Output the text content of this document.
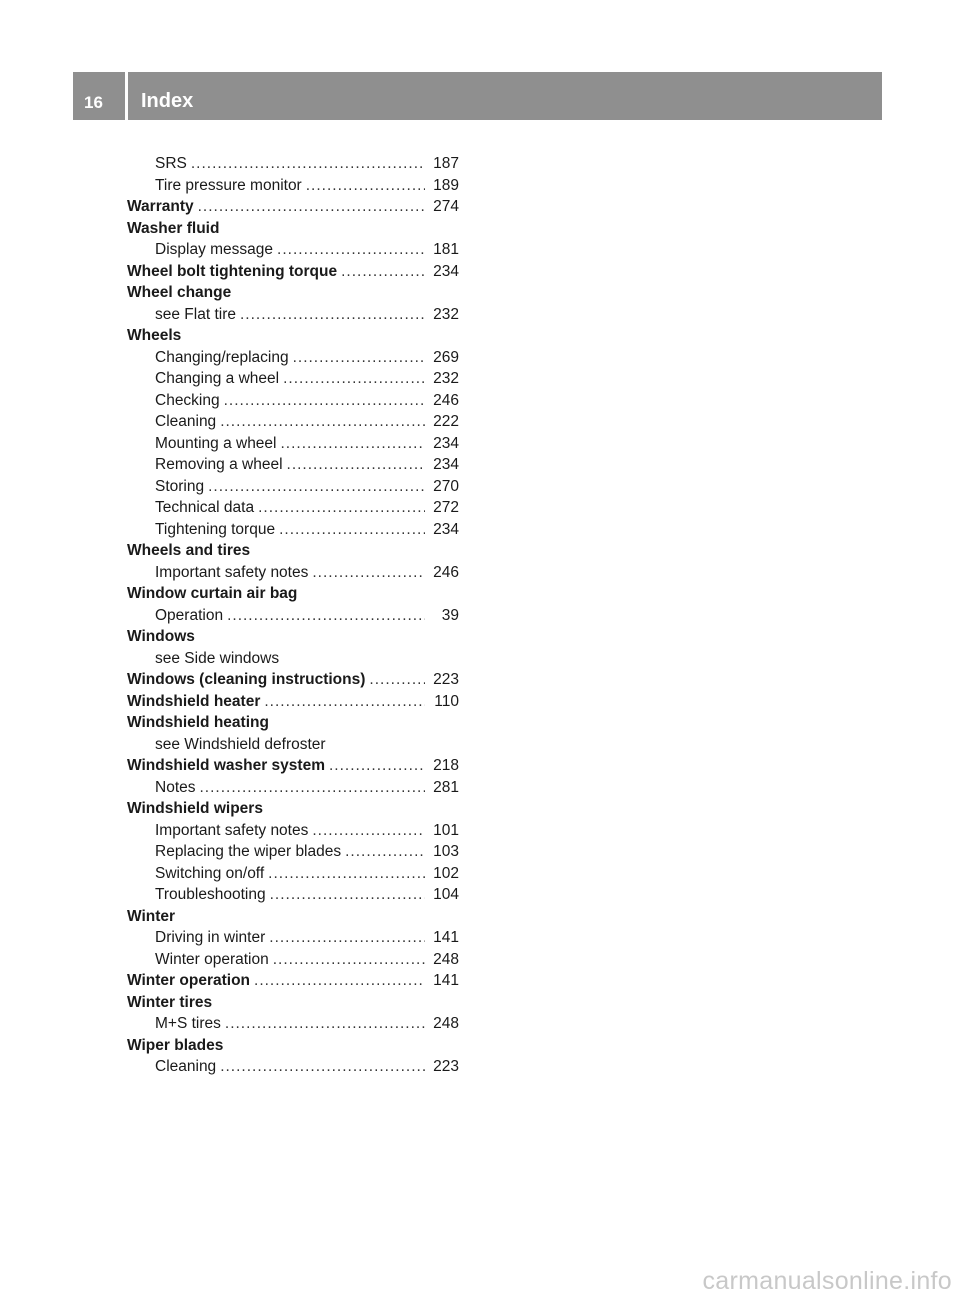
16	Index
SRS .....	187
Tire pressure monitor .....	189
Warranty .....	274
Washer fluid
Display message .....	181
Wheel bolt tightening torque .....	234
Wheel change
see Flat tire .....	232
Wheels
Changing/replacing .....	269
Changing a wheel .....	232
Checking .....	246
Cleaning .....	222
Mounting a wheel .....	234
Removing a wheel .....	234
Storing .....	270
Technical data .....	272
Tightening torque .....	234
Wheels and tires
Important safety notes .....	246
Window curtain air bag
Operation .....	39
Windows
see Side windows
Windows (cleaning instructions) .....	223
Windshield heater .....	110
Windshield heating
see Windshield defroster
Windshield washer system .....	218
Notes .....	281
Windshield wipers
Important safety notes .....	101
Replacing the wiper blades .....	103
Switching on/off .....	102
Troubleshooting .....	104
Winter
Driving in winter .....	141
Winter operation .....	248
Winter operation .....	141
Winter tires
M+S tires .....	248
Wiper blades
Cleaning .....	223
carmanualsonline.info
